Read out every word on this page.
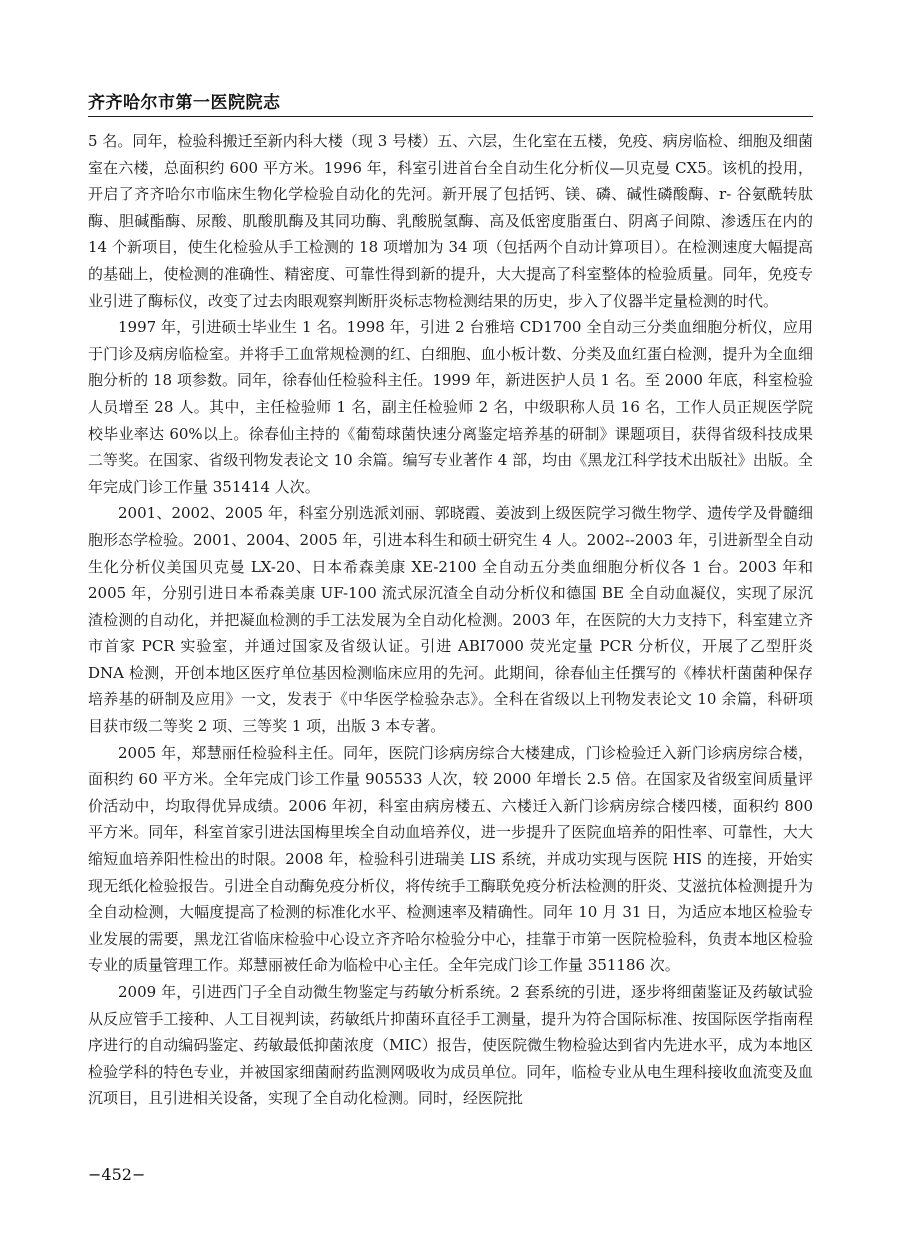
齐齐哈尔市第一医院院志

5 名。同年，检验科搬迁至新内科大楼（现 3 号楼）五、六层，生化室在五楼，免疫、病房临检、细胞及细菌室在六楼，总面积约 600 平方米。1996 年，科室引进首台全自动生化分析仪—贝克曼 CX5。该机的投用，开启了齐齐哈尔市临床生物化学检验自动化的先河。新开展了包括钙、镁、磷、碱性磷酸酶、r- 谷氨酰转肽酶、胆碱酯酶、尿酸、肌酸肌酶及其同功酶、乳酸脱氢酶、高及低密度脂蛋白、阴离子间隙、渗透压在内的 14 个新项目，使生化检验从手工检测的 18 项增加为 34 项（包括两个自动计算项目）。在检测速度大幅提高的基础上，使检测的准确性、精密度、可靠性得到新的提升，大大提高了科室整体的检验质量。同年，免疫专业引进了酶标仪，改变了过去肉眼观察判断肝炎标志物检测结果的历史，步入了仪器半定量检测的时代。

1997 年，引进硕士毕业生 1 名。1998 年，引进 2 台雅培 CD1700 全自动三分类血细胞分析仪，应用于门诊及病房临检室。并将手工血常规检测的红、白细胞、血小板计数、分类及血红蛋白检测，提升为全血细胞分析的 18 项参数。同年，徐春仙任检验科主任。1999 年，新进医护人员 1 名。至 2000 年底，科室检验人员增至 28 人。其中，主任检验师 1 名，副主任检验师 2 名，中级职称人员 16 名，工作人员正规医学院校毕业率达 60%以上。徐春仙主持的《葡萄球菌快速分离鉴定培养基的研制》课题项目，获得省级科技成果二等奖。在国家、省级刊物发表论文 10 余篇。编写专业著作 4 部，均由《黑龙江科学技术出版社》出版。全年完成门诊工作量 351414 人次。

2001、2002、2005 年，科室分别选派刘丽、郭晓霞、姜波到上级医院学习微生物学、遗传学及骨髓细胞形态学检验。2001、2004、2005 年，引进本科生和硕士研究生 4 人。2002--2003 年，引进新型全自动生化分析仪美国贝克曼 LX-20、日本希森美康 XE-2100 全自动五分类血细胞分析仪各 1 台。2003 年和 2005 年，分别引进日本希森美康 UF-100 流式尿沉渣全自动分析仪和德国 BE 全自动血凝仪，实现了尿沉渣检测的自动化，并把凝血检测的手工法发展为全自动化检测。2003 年，在医院的大力支持下，科室建立齐市首家 PCR 实验室，并通过国家及省级认证。引进 ABI7000 荧光定量 PCR 分析仪，开展了乙型肝炎 DNA 检测，开创本地区医疗单位基因检测临床应用的先河。此期间，徐春仙主任撰写的《棒状杆菌菌种保存培养基的研制及应用》一文，发表于《中华医学检验杂志》。全科在省级以上刊物发表论文 10 余篇，科研项目获市级二等奖 2 项、三等奖 1 项，出版 3 本专著。

2005 年，郑慧丽任检验科主任。同年，医院门诊病房综合大楼建成，门诊检验迁入新门诊病房综合楼，面积约 60 平方米。全年完成门诊工作量 905533 人次，较 2000 年增长 2.5 倍。在国家及省级室间质量评价活动中，均取得优异成绩。2006 年初，科室由病房楼五、六楼迁入新门诊病房综合楼四楼，面积约 800 平方米。同年，科室首家引进法国梅里埃全自动血培养仪，进一步提升了医院血培养的阳性率、可靠性，大大缩短血培养阳性检出的时限。2008 年，检验科引进瑞美 LIS 系统，并成功实现与医院 HIS 的连接，开始实现无纸化检验报告。引进全自动酶免疫分析仪，将传统手工酶联免疫分析法检测的肝炎、艾滋抗体检测提升为全自动检测，大幅度提高了检测的标准化水平、检测速率及精确性。同年 10 月 31 日，为适应本地区检验专业发展的需要，黑龙江省临床检验中心设立齐齐哈尔检验分中心，挂靠于市第一医院检验科，负责本地区检验专业的质量管理工作。郑慧丽被任命为临检中心主任。全年完成门诊工作量 351186 次。

2009 年，引进西门子全自动微生物鉴定与药敏分析系统。2 套系统的引进，逐步将细菌鉴证及药敏试验从反应管手工接种、人工目视判读，药敏纸片抑菌环直径手工测量，提升为符合国际标准、按国际医学指南程序进行的自动编码鉴定、药敏最低抑菌浓度（MIC）报告，使医院微生物检验达到省内先进水平，成为本地区检验学科的特色专业，并被国家细菌耐药监测网吸收为成员单位。同年，临检专业从电生理科接收血流变及血沉项目，且引进相关设备，实现了全自动化检测。同时，经医院批

−452−
